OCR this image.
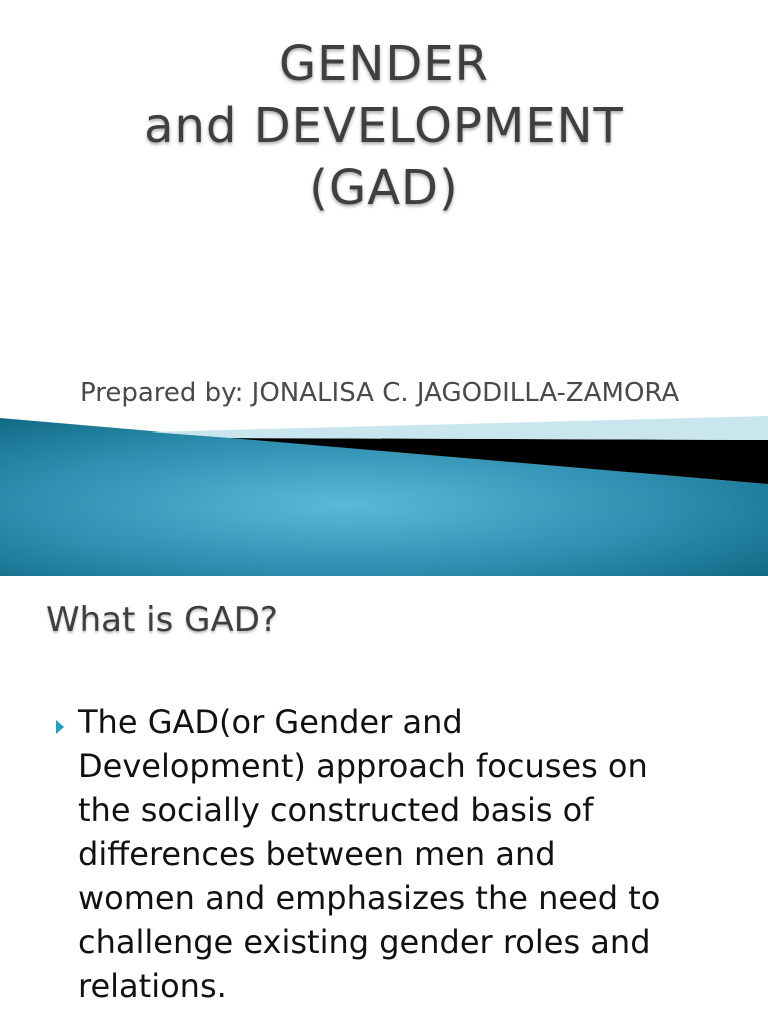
GENDER
and DEVELOPMENT
(GAD)
Prepared by: JONALISA C. JAGODILLA-ZAMORA
What is GAD?
The GAD(or Gender and
Development) approach focuses on
the socially constructed basis of
differences between men and
women and emphasizes the need to
challenge existing gender roles and
relations.
